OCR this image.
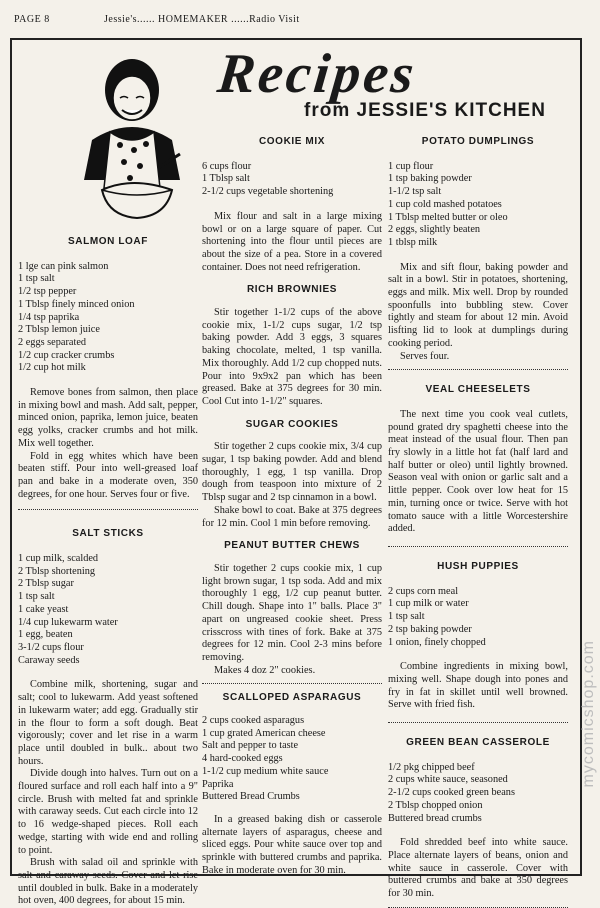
PAGE 8	Jessie's...... HOMEMAKER ......Radio Visit
Recipes
from JESSIE'S KITCHEN

SALMON LOAF

1 lge can pink salmon
1 tsp salt
1/2 tsp pepper
1 Tblsp finely minced onion
1/4 tsp paprika
2 Tblsp lemon juice
2 eggs separated
1/2 cup cracker crumbs
1/2 cup hot milk

Remove bones from salmon, then place in mixing bowl and mash. Add salt, pepper, minced onion, paprika, lemon juice, beaten egg yolks, cracker crumbs and hot milk. Mix well together.

Fold in egg whites which have been beaten stiff. Pour into well-greased loaf pan and bake in a moderate oven, 350 degrees, for one hour. Serves four or five.

SALT STICKS

1 cup milk, scalded
2 Tblsp shortening
2 Tblsp sugar
1 tsp salt
1 cake yeast
1/4 cup lukewarm water
1 egg, beaten
3-1/2 cups flour
Caraway seeds

Combine milk, shortening, sugar and salt; cool to lukewarm. Add yeast softened in lukewarm water; add egg. Gradually stir in the flour to form a soft dough. Beat vigorously; cover and let rise in a warm place until doubled in bulk.. about two hours.

Divide dough into halves. Turn out on a floured surface and roll each half into a 9" circle. Brush with melted fat and sprinkle with caraway seeds. Cut each circle into 12 to 16 wedge-shaped pieces. Roll each wedge, starting with wide end and rolling to point.

Brush with salad oil and sprinkle with salt and caraway seeds. Cover and let rise until doubled in bulk. Bake in a moderately hot oven, 400 degrees, for about 15 min.

COOKIE MIX

6 cups flour
1 Tblsp salt
2-1/2 cups vegetable shortening

Mix flour and salt in a large mixing bowl or on a large square of paper. Cut shortening into the flour until pieces are about the size of a pea. Store in a covered container. Does not need refrigeration.

RICH BROWNIES

Stir together 1-1/2 cups of the above cookie mix, 1-1/2 cups sugar, 1/2 tsp baking powder. Add 3 eggs, 3 squares baking chocolate, melted, 1 tsp vanilla. Mix thoroughly. Add 1/2 cup chopped nuts. Pour into 9x9x2 pan which has been greased. Bake at 375 degrees for 30 min. Cool Cut into 1-1/2" squares.

SUGAR COOKIES

Stir together 2 cups cookie mix, 3/4 cup sugar, 1 tsp baking powder. Add and blend thoroughly, 1 egg, 1 tsp vanilla. Drop dough from teaspoon into mixture of 2 Tblsp sugar and 2 tsp cinnamon in a bowl.

Shake bowl to coat. Bake at 375 degrees for 12 min. Cool 1 min before removing.

PEANUT BUTTER CHEWS

Stir together 2 cups cookie mix, 1 cup light brown sugar, 1 tsp soda. Add and mix thoroughly 1 egg, 1/2 cup peanut butter. Chill dough. Shape into 1" balls. Place 3" apart on ungreased cookie sheet. Press crisscross with tines of fork. Bake at 375 degrees for 12 min. Cool 2-3 mins before removing.

Makes 4 doz 2" cookies.

SCALLOPED ASPARAGUS

2 cups cooked asparagus
1 cup grated American cheese
Salt and pepper to taste
4 hard-cooked eggs
1-1/2 cup medium white sauce
Paprika
Buttered Bread Crumbs

In a greased baking dish or casserole alternate layers of asparagus, cheese and sliced eggs. Pour white sauce over top and sprinkle with buttered crumbs and paprika. Bake in moderate oven for 30 min.

POTATO DUMPLINGS

1 cup flour
1 tsp baking powder
1-1/2 tsp salt
1 cup cold mashed potatoes
1 Tblsp melted butter or oleo
2 eggs, slightly beaten
1 tblsp milk

Mix and sift flour, baking powder and salt in a bowl. Stir in potatoes, shortening, eggs and milk. Mix well. Drop by rounded spoonfulls into bubbling stew. Cover tightly and steam for about 12 min. Avoid lisfting lid to look at dumplings during cooking period.

Serves four.

VEAL CHEESELETS

The next time you cook veal cutlets, pound grated dry spaghetti cheese into the meat instead of the usual flour. Then pan fry slowly in a little hot fat (half lard and half butter or oleo) until lightly browned. Season veal with onion or garlic salt and a little pepper. Cook over low heat for 15 min, turning once or twice. Serve with hot tomato sauce with a little Worcestershire added.

HUSH PUPPIES

2 cups corn meal
1 cup milk or water
1 tsp salt
2 tsp baking powder
1 onion, finely chopped

Combine ingredients in mixing bowl, mixing well. Shape dough into pones and fry in fat in skillet until well browned. Serve with fried fish.

GREEN BEAN CASSEROLE

1/2 pkg chipped beef
2 cups white sauce, seasoned
2-1/2 cups cooked green beans
2 Tblsp chopped onion
Buttered bread crumbs

Fold shredded beef into white sauce. Place alternate layers of beans, onion and white sauce in casserole. Cover with buttered crumbs and bake at 350 degrees for 30 min.

mycomicshop.com
